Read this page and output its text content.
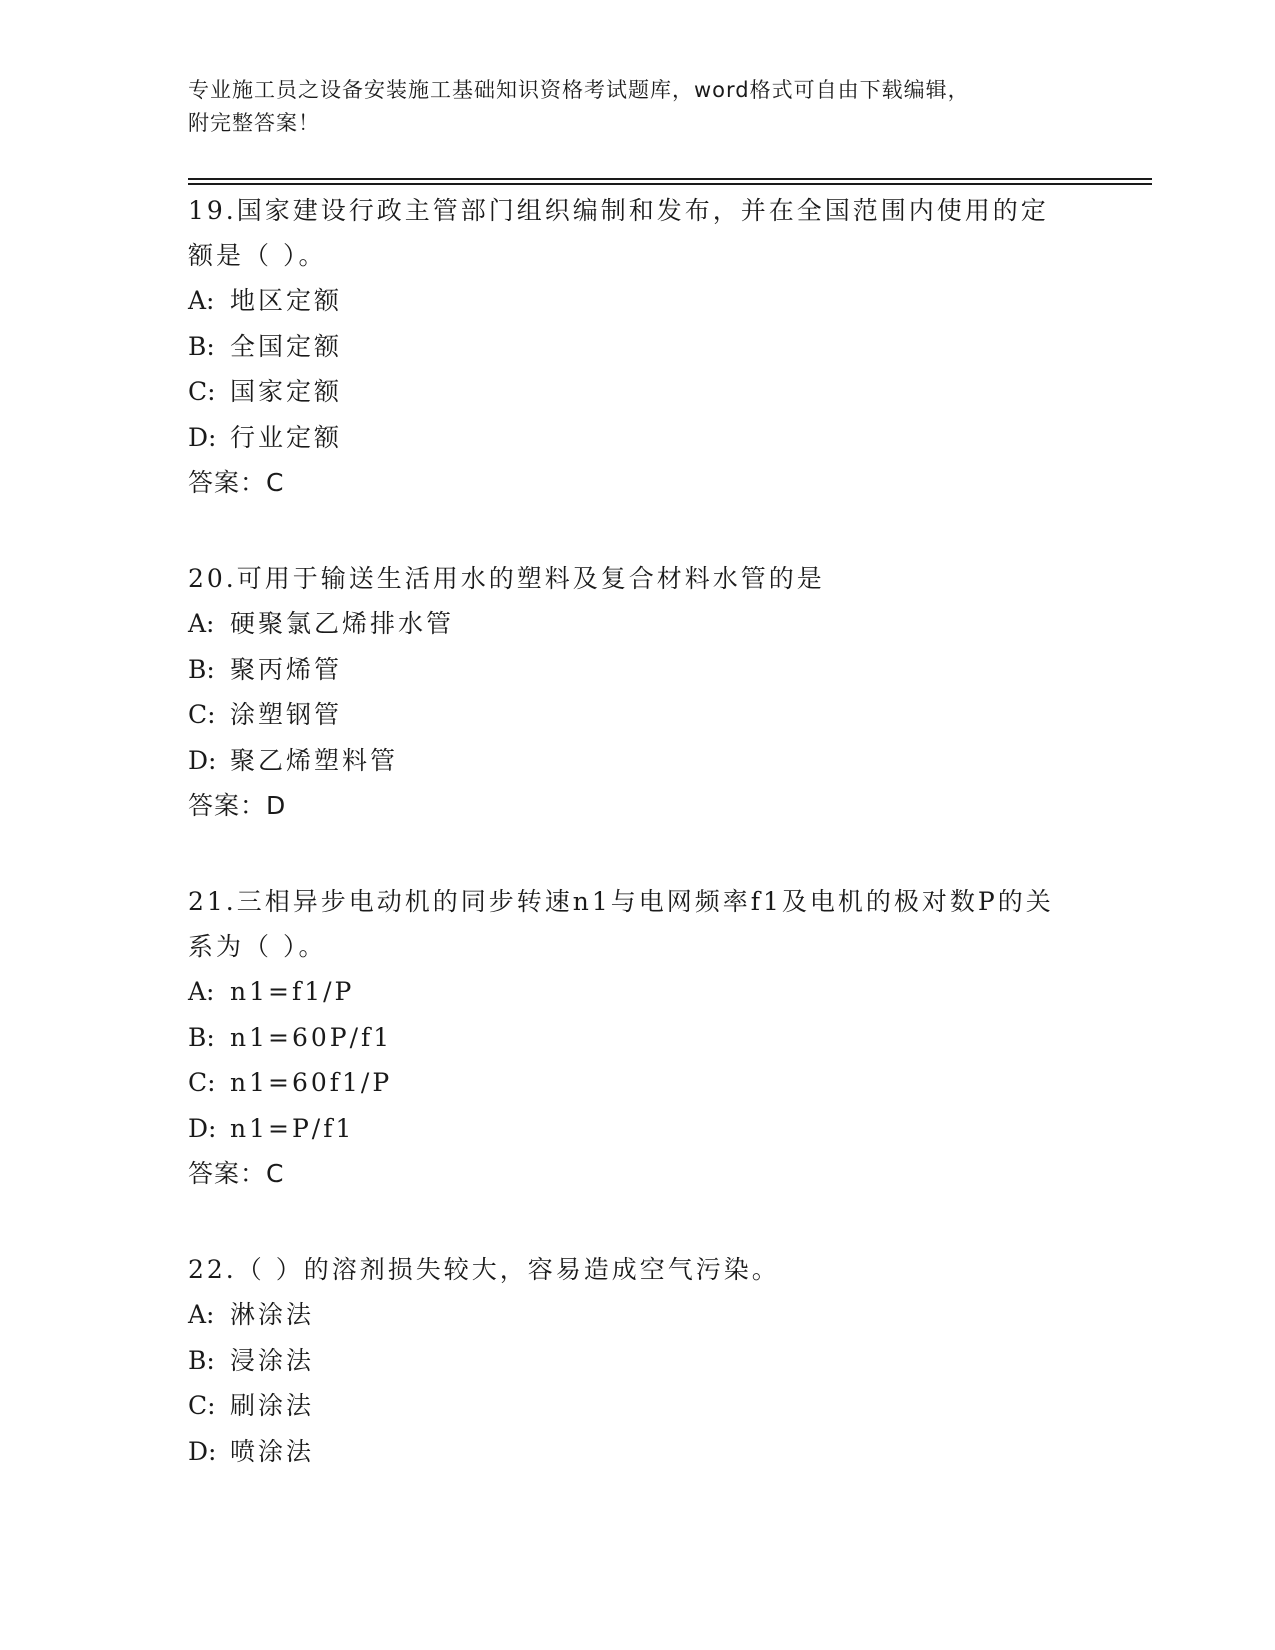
专业施工员之设备安装施工基础知识资格考试题库，word格式可自由下载编辑，
附完整答案！

19.国家建设行政主管部门组织编制和发布，并在全国范围内使用的定额是（ ）。

A: 地区定额
B: 全国定额
C: 国家定额
D: 行业定额
答案：C

20.可用于输送生活用水的塑料及复合材料水管的是

A: 硬聚氯乙烯排水管
B: 聚丙烯管
C: 涂塑钢管
D: 聚乙烯塑料管
答案：D

21.三相异步电动机的同步转速n1与电网频率f1及电机的极对数P的关系为（ ）。

A: n1=f1/P
B: n1=60P/f1
C: n1=60f1/P
D: n1=P/f1
答案：C

22.（ ）的溶剂损失较大，容易造成空气污染。

A: 淋涂法
B: 浸涂法
C: 刷涂法
D: 喷涂法
